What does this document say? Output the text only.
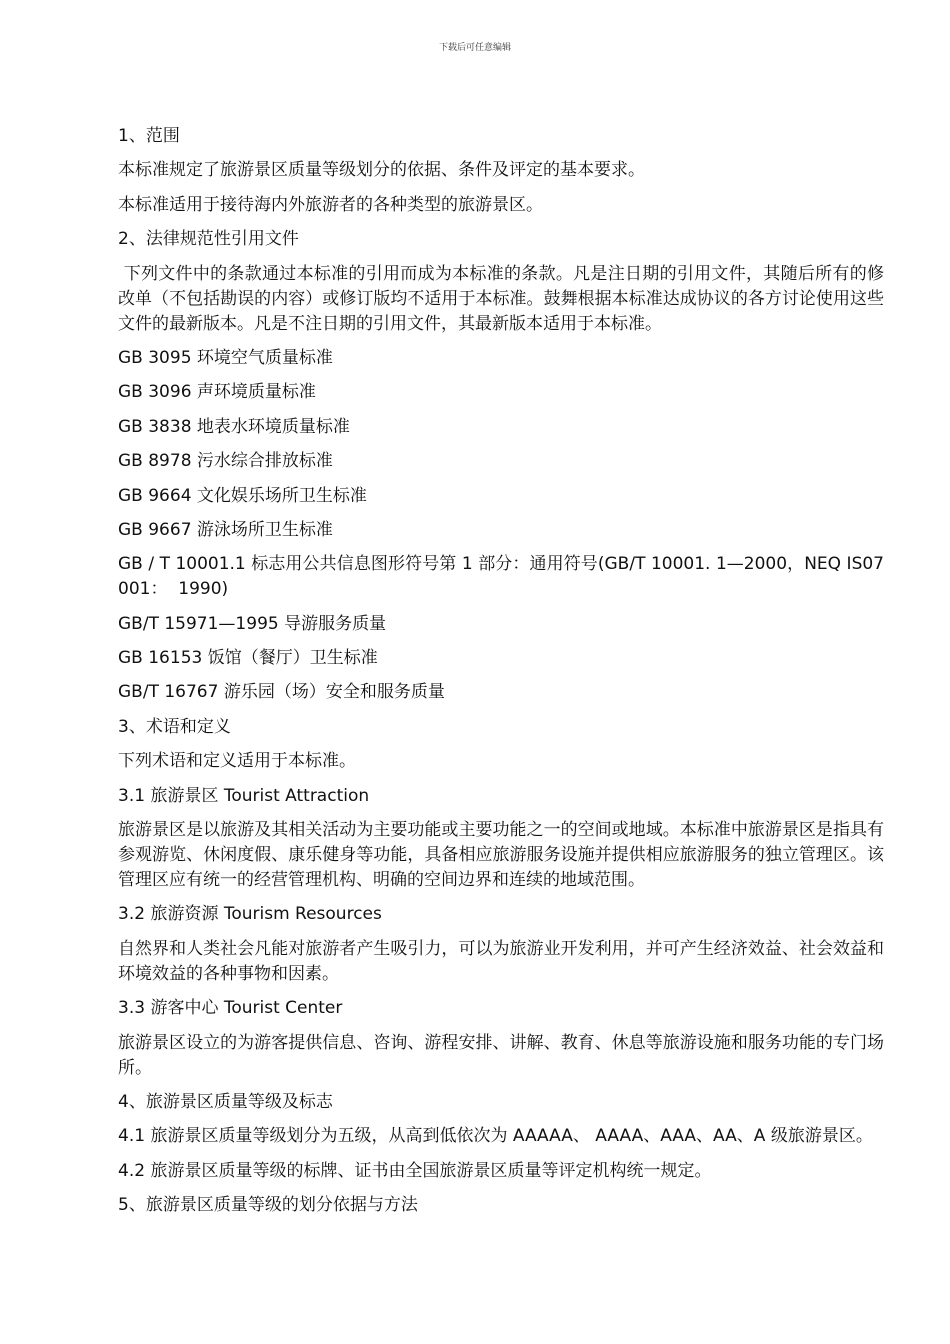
下载后可任意编辑

1、范围

本标准规定了旅游景区质量等级划分的依据、条件及评定的基本要求。

本标准适用于接待海内外旅游者的各种类型的旅游景区。

2、法律规范性引用文件

下列文件中的条款通过本标准的引用而成为本标准的条款。凡是注日期的引用文件，其随后所有的修改单（不包括勘误的内容）或修订版均不适用于本标准。鼓舞根据本标准达成协议的各方讨论使用这些文件的最新版本。凡是不注日期的引用文件，其最新版本适用于本标准。

GB 3095 环境空气质量标准

GB 3096 声环境质量标准

GB 3838 地表水环境质量标准

GB 8978 污水综合排放标准

GB 9664 文化娱乐场所卫生标准

GB 9667 游泳场所卫生标准

GB / T 10001.1 标志用公共信息图形符号第 1 部分：通用符号(GB/T 10001. 1—2000，NEQ IS07001：  1990)

GB/T 15971—1995 导游服务质量

GB 16153 饭馆（餐厅）卫生标准

GB/T 16767 游乐园（场）安全和服务质量

3、术语和定义

下列术语和定义适用于本标准。

3.1 旅游景区 Tourist Attraction

旅游景区是以旅游及其相关活动为主要功能或主要功能之一的空间或地域。本标准中旅游景区是指具有参观游览、休闲度假、康乐健身等功能，具备相应旅游服务设施并提供相应旅游服务的独立管理区。该管理区应有统一的经营管理机构、明确的空间边界和连续的地域范围。

3.2 旅游资源 Tourism Resources

自然界和人类社会凡能对旅游者产生吸引力，可以为旅游业开发利用，并可产生经济效益、社会效益和环境效益的各种事物和因素。

3.3 游客中心 Tourist Center

旅游景区设立的为游客提供信息、咨询、游程安排、讲解、教育、休息等旅游设施和服务功能的专门场所。

4、旅游景区质量等级及标志

4.1 旅游景区质量等级划分为五级，从高到低依次为 AAAAA、 AAAA、AAA、AA、A 级旅游景区。

4.2 旅游景区质量等级的标牌、证书由全国旅游景区质量等评定机构统一规定。

5、旅游景区质量等级的划分依据与方法
